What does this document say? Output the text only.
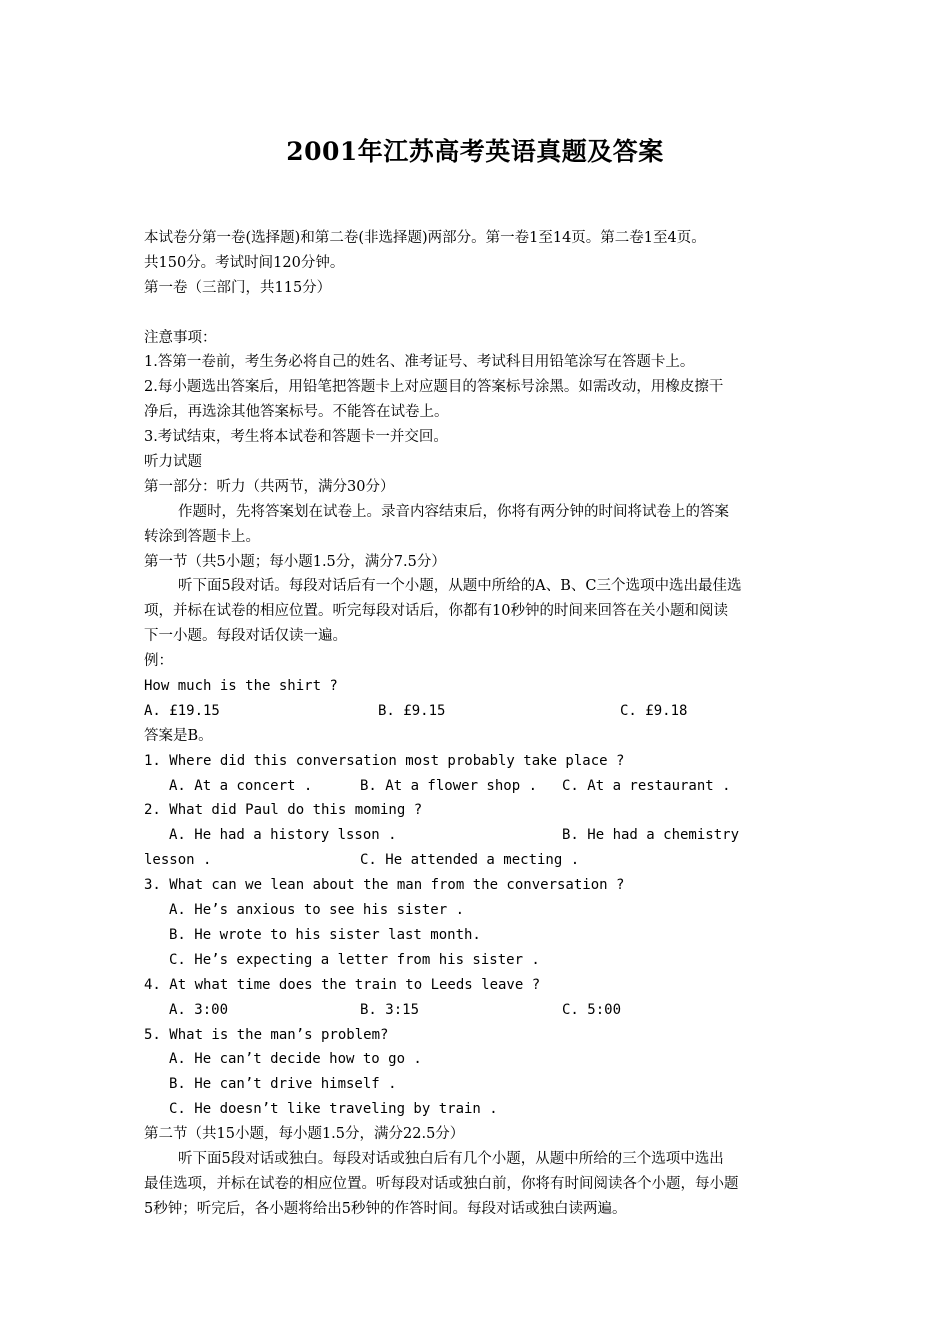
2001年江苏高考英语真题及答案
本试卷分第一卷(选择题)和第二卷(非选择题)两部分。第一卷1至14页。第二卷1至4页。
共150分。考试时间120分钟。
第一卷（三部门，共115分）
注意事项：
1.答第一卷前，考生务必将自己的姓名、准考证号、考试科目用铅笔涂写在答题卡上。
2.每小题选出答案后，用铅笔把答题卡上对应题目的答案标号涂黑。如需改动，用橡皮擦干
净后，再选涂其他答案标号。不能答在试卷上。
3.考试结束，考生将本试卷和答题卡一并交回。
听力试题
第一部分：听力（共两节，满分30分）
作题时，先将答案划在试卷上。录音内容结束后，你将有两分钟的时间将试卷上的答案
转涂到答题卡上。
第一节（共5小题；每小题1.5分，满分7.5分）
听下面5段对话。每段对话后有一个小题，从题中所给的A、B、C三个选项中选出最佳选
项，并标在试卷的相应位置。听完每段对话后，你都有10秒钟的时间来回答在关小题和阅读
下一小题。每段对话仅读一遍。
例：
How much is the shirt ?
A. £19.15	B. £9.15	C. £9.18
答案是B。
1. Where did this conversation most probably take place ?
A. At a concert .	B. At a flower shop . C. At a restaurant .
2. What did Paul do this moming ?
A. He had a history lsson .	B. He had a chemistry
lesson .	C. He attended a mecting .
3. What can we lean about the man from the conversation ?
A. He’s anxious to see his sister .
B. He wrote to his sister last month.
C. He’s expecting a letter from his sister .
4. At what time does the train to Leeds leave ?
A. 3:00	B. 3:15	C. 5:00
5. What is the man’s problem?
A. He can’t decide how to go .
B. He can’t drive himself .
C. He doesn’t like traveling by train .
第二节（共15小题，每小题1.5分，满分22.5分）
听下面5段对话或独白。每段对话或独白后有几个小题，从题中所给的三个选项中选出
最佳选项，并标在试卷的相应位置。听每段对话或独白前，你将有时间阅读各个小题，每小题
5秒钟；听完后，各小题将给出5秒钟的作答时间。每段对话或独白读两遍。
